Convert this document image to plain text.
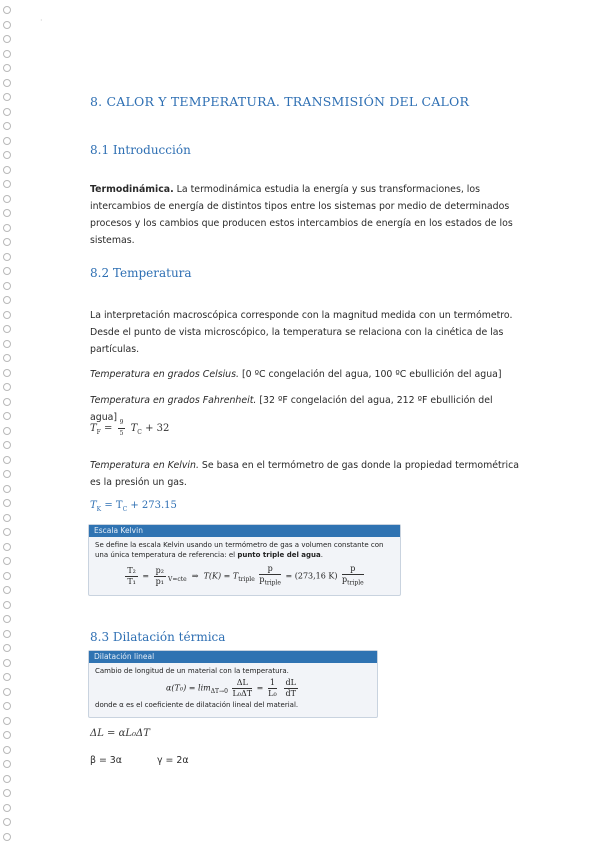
·
8. CALOR Y TEMPERATURA. TRANSMISIÓN DEL CALOR
8.1 Introducción
Termodinámica. La termodinámica estudia la energía y sus transformaciones, los intercambios de energía de distintos tipos entre los sistemas por medio de determinados procesos y los cambios que producen estos intercambios de energía en los estados de los sistemas.
8.2 Temperatura
La interpretación macroscópica corresponde con la magnitud medida con un termómetro. Desde el punto de vista microscópico, la temperatura se relaciona con la cinética de las partículas.
Temperatura en grados Celsius. [0 ºC congelación del agua, 100 ºC ebullición del agua]
Temperatura en grados Fahrenheit. [32 ºF congelación del agua, 212 ºF ebullición del agua]
$T_F = \frac{9}{5} T_C + 32$
Temperatura en Kelvin. Se basa en el termómetro de gas donde la propiedad termométrica es la presión un gas.
$T_K = T_C + 273.15$
Escala Kelvin
Se define la escala Kelvin usando un termómetro de gas a volumen constante con una única temperatura de referencia: el punto triple del agua.
$\frac{\text{T₂}}{\text{T₁}} = \frac{\text{p₂}}{\text{p₁}} _{V=cte}$ ⇒ $T(K) = T_{triple} \frac{p}{p_{triple}} = (273,16$ $K) \frac{p}{p_{triple}}$
8.3 Dilatación térmica
Dilatación lineal
Cambio de longitud de un material con la temperatura.
$\alpha(T_0) = \lim_{\Delta T\to 0} \frac{\Delta L}{\text{L₀ΔT}} = \frac{1}{\text{L₀}}$
$\frac{dL}{dT}$
donde α es el coeficiente de dilatación lineal del material.
ΔL = αL₀ΔT
β = 3α	γ = 2α
